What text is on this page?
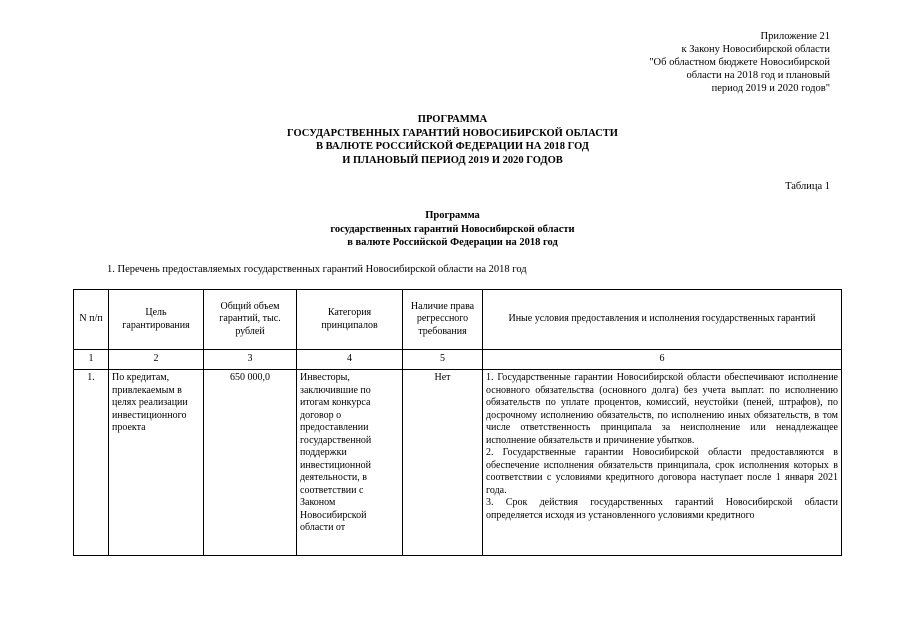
Приложение 21
к Закону Новосибирской области
"Об областном бюджете Новосибирской
области на 2018 год и плановый
период 2019 и 2020 годов"
ПРОГРАММА
ГОСУДАРСТВЕННЫХ ГАРАНТИЙ НОВОСИБИРСКОЙ ОБЛАСТИ
В ВАЛЮТЕ РОССИЙСКОЙ ФЕДЕРАЦИИ НА 2018 ГОД
И ПЛАНОВЫЙ ПЕРИОД 2019 И 2020 ГОДОВ
Таблица 1
Программа
государственных гарантий Новосибирской области
в валюте Российской Федерации на 2018 год
1. Перечень предоставляемых государственных гарантий Новосибирской области на 2018 год
N п/п	Цель гарантирования	Общий объем гарантий, тыс. рублей	Категория принципалов	Наличие права регрессного требования	Иные условия предоставления и исполнения государственных гарантий
1	2	3	4	5	6
1.	По кредитам, привлекаемым в целях реализации инвестиционного проекта	650 000,0	Инвесторы, заключившие по итогам конкурса договор о предоставлении государственной поддержки инвестиционной деятельности, в соответствии с Законом Новосибирской области от	Нет	1. Государственные гарантии Новосибирской области обеспечивают исполнение основного обязательства (основного долга) без учета выплат: по исполнению обязательств по уплате процентов, комиссий, неустойки (пеней, штрафов), по досрочному исполнению обязательств, по исполнению иных обязательств, в том числе ответственность принципала за неисполнение или ненадлежащее исполнение обязательств и причинение убытков.

2. Государственные гарантии Новосибирской области предоставляются в обеспечение исполнения обязательств принципала, срок исполнения которых в соответствии с условиями кредитного договора наступает после 1 января 2021 года.

3. Срок действия государственных гарантий Новосибирской области определяется исходя из установленного условиями кредитного
